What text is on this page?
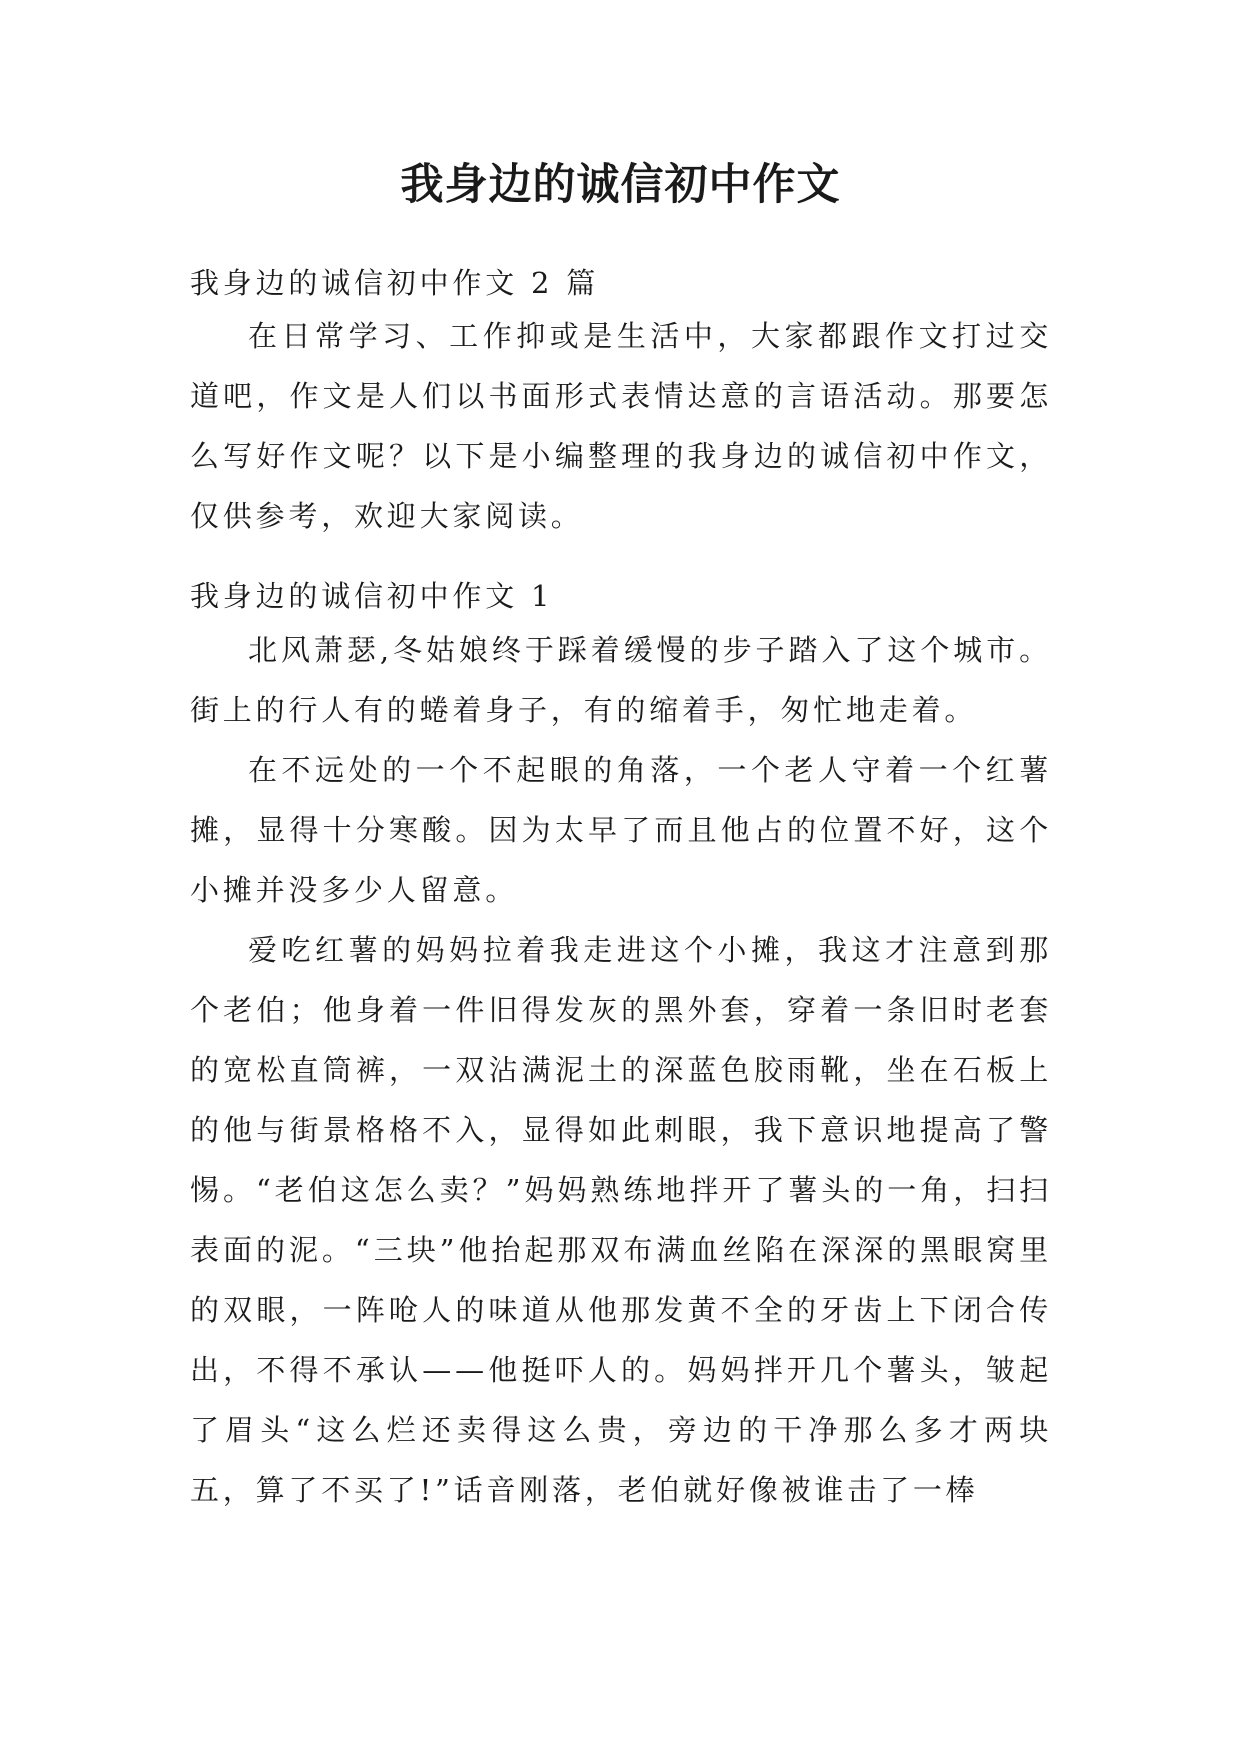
我身边的诚信初中作文

我身边的诚信初中作文 2 篇

在日常学习、工作抑或是生活中，大家都跟作文打过交道吧，作文是人们以书面形式表情达意的言语活动。那要怎么写好作文呢？以下是小编整理的我身边的诚信初中作文，仅供参考，欢迎大家阅读。

我身边的诚信初中作文 1

北风萧瑟,冬姑娘终于踩着缓慢的步子踏入了这个城市。街上的行人有的蜷着身子，有的缩着手，匆忙地走着。

在不远处的一个不起眼的角落，一个老人守着一个红薯摊，显得十分寒酸。因为太早了而且他占的位置不好，这个小摊并没多少人留意。

爱吃红薯的妈妈拉着我走进这个小摊，我这才注意到那个老伯；他身着一件旧得发灰的黑外套，穿着一条旧时老套的宽松直筒裤，一双沾满泥土的深蓝色胶雨靴，坐在石板上的他与街景格格不入，显得如此刺眼，我下意识地提高了警惕。“老伯这怎么卖？”妈妈熟练地拌开了薯头的一角，扫扫表面的泥。“三块”他抬起那双布满血丝陷在深深的黑眼窝里的双眼，一阵呛人的味道从他那发黄不全的牙齿上下闭合传出，不得不承认——他挺吓人的。妈妈拌开几个薯头，皱起了眉头“这么烂还卖得这么贵，旁边的干净那么多才两块五，算了不买了!”话音刚落，老伯就好像被谁击了一棒
